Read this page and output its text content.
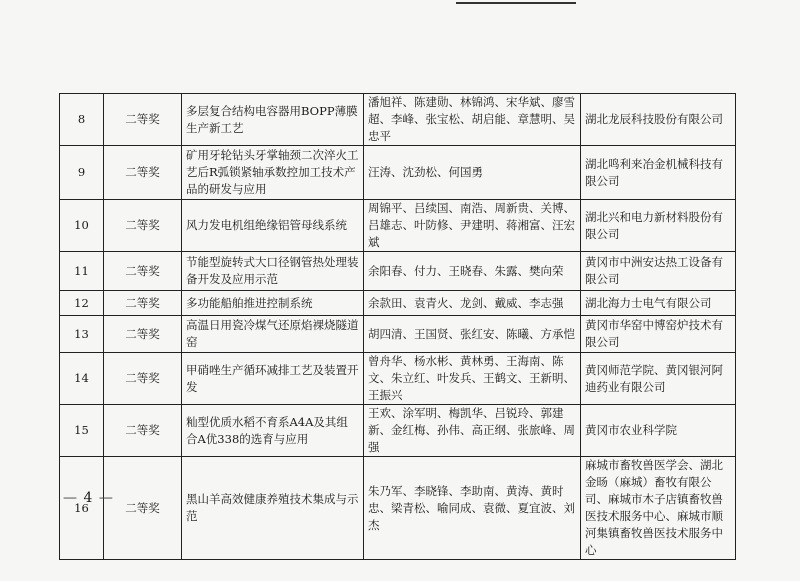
8	二等奖	多层复合结构电容器用BOPP薄膜生产新工艺	潘旭祥、陈建勋、林锦鸿、宋华斌、廖雪超、李峰、张宝松、胡启能、章慧明、吴忠平	湖北龙辰科技股份有限公司
9	二等奖	矿用牙轮钻头牙掌轴颈二次淬火工艺后R弧锁紧轴承数控加工技术产品的研发与应用	汪涛、沈劲松、何国勇	湖北鸣利来冶金机械科技有限公司
10	二等奖	风力发电机组绝缘铝管母线系统	周锦平、吕续国、南浩、周新贵、关博、吕雄志、叶防修、尹建明、蒋湘富、汪宏斌	湖北兴和电力新材料股份有限公司
11	二等奖	节能型旋转式大口径钢管热处理装备开发及应用示范	余阳春、付力、王晓春、朱露、樊向荣	黄冈市中洲安达热工设备有限公司
12	二等奖	多功能船舶推进控制系统	余款田、袁青火、龙剑、戴威、李志强	湖北海力士电气有限公司
13	二等奖	高温日用瓷冷煤气还原焰裸烧隧道窑	胡四清、王国贤、张红安、陈曦、方承恺	黄冈市华窑中博窑炉技术有限公司
14	二等奖	甲硝唑生产循环减排工艺及装置开发	曾舟华、杨水彬、黄林勇、王海南、陈文、朱立红、叶发兵、王鹤文、王新明、王振兴	黄冈师范学院、黄冈银河阿迪药业有限公司
15	二等奖	籼型优质水稻不育系A4A及其组合A优338的选育与应用	王欢、涂军明、梅凯华、吕锐玲、郭建新、金红梅、孙伟、高正纲、张旅峰、周强	黄冈市农业科学院
16	二等奖	黑山羊高效健康养殖技术集成与示范	朱乃军、李晓锋、李助南、黄涛、黄时忠、梁青松、喻同成、袁微、夏宜波、刘杰	麻城市畜牧兽医学会、湖北金旸（麻城）畜牧有限公司、麻城市木子店镇畜牧兽医技术服务中心、麻城市顺河集镇畜牧兽医技术服务中心
— 4 —
